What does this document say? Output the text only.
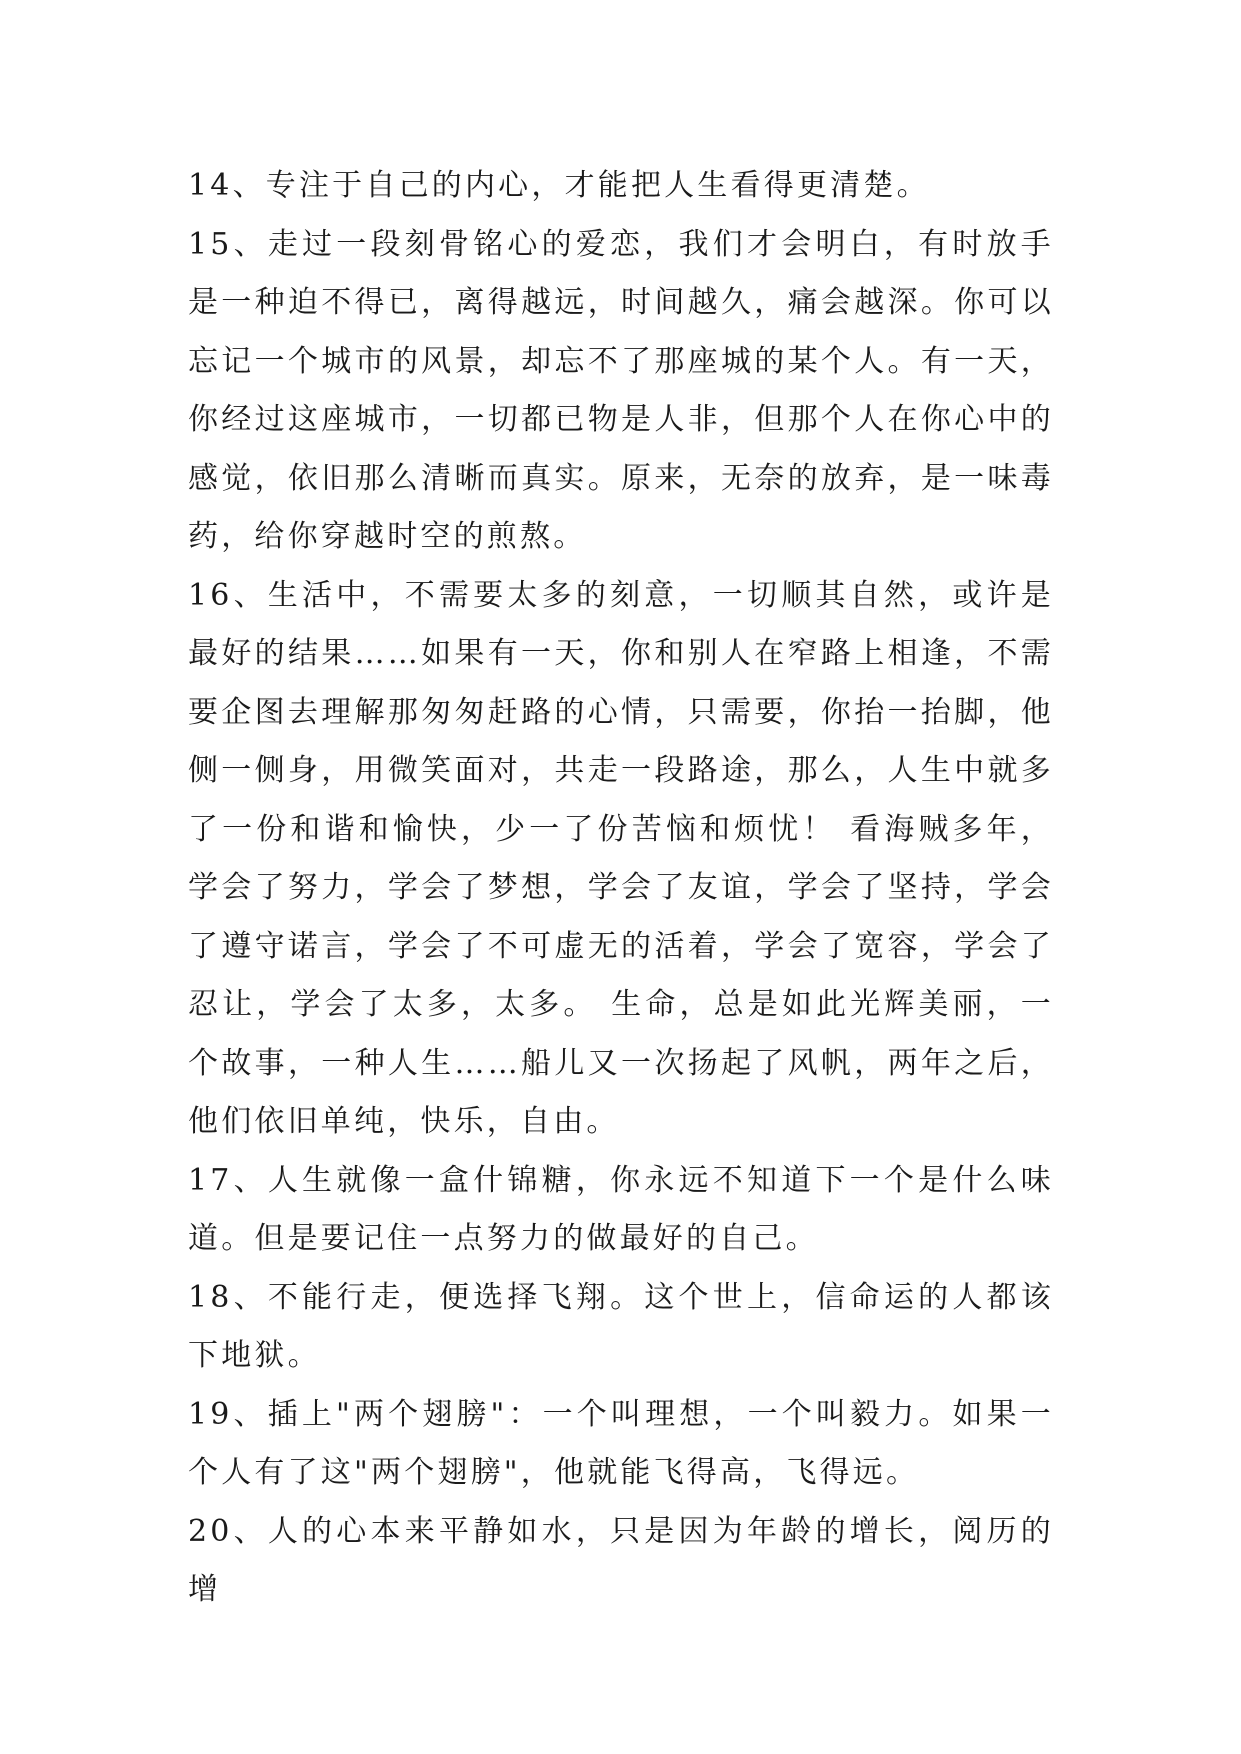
14、专注于自己的内心，才能把人生看得更清楚。

15、走过一段刻骨铭心的爱恋，我们才会明白，有时放手是一种迫不得已，离得越远，时间越久，痛会越深。你可以忘记一个城市的风景，却忘不了那座城的某个人。有一天，你经过这座城市，一切都已物是人非，但那个人在你心中的感觉，依旧那么清晰而真实。原来，无奈的放弃，是一味毒药，给你穿越时空的煎熬。

16、生活中，不需要太多的刻意，一切顺其自然，或许是最好的结果……如果有一天，你和别人在窄路上相逢，不需要企图去理解那匆匆赶路的心情，只需要，你抬一抬脚，他侧一侧身，用微笑面对，共走一段路途，那么，人生中就多了一份和谐和愉快，少一了份苦恼和烦忧！ 看海贼多年，学会了努力，学会了梦想，学会了友谊，学会了坚持，学会了遵守诺言，学会了不可虚无的活着，学会了宽容，学会了忍让，学会了太多，太多。 生命，总是如此光辉美丽，一个故事，一种人生……船儿又一次扬起了风帆，两年之后，他们依旧单纯，快乐，自由。

17、人生就像一盒什锦糖，你永远不知道下一个是什么味道。但是要记住一点努力的做最好的自己。

18、不能行走，便选择飞翔。这个世上，信命运的人都该下地狱。

19、插上"两个翅膀"：一个叫理想，一个叫毅力。如果一个人有了这"两个翅膀"，他就能飞得高，飞得远。

20、人的心本来平静如水，只是因为年龄的增长，阅历的增
